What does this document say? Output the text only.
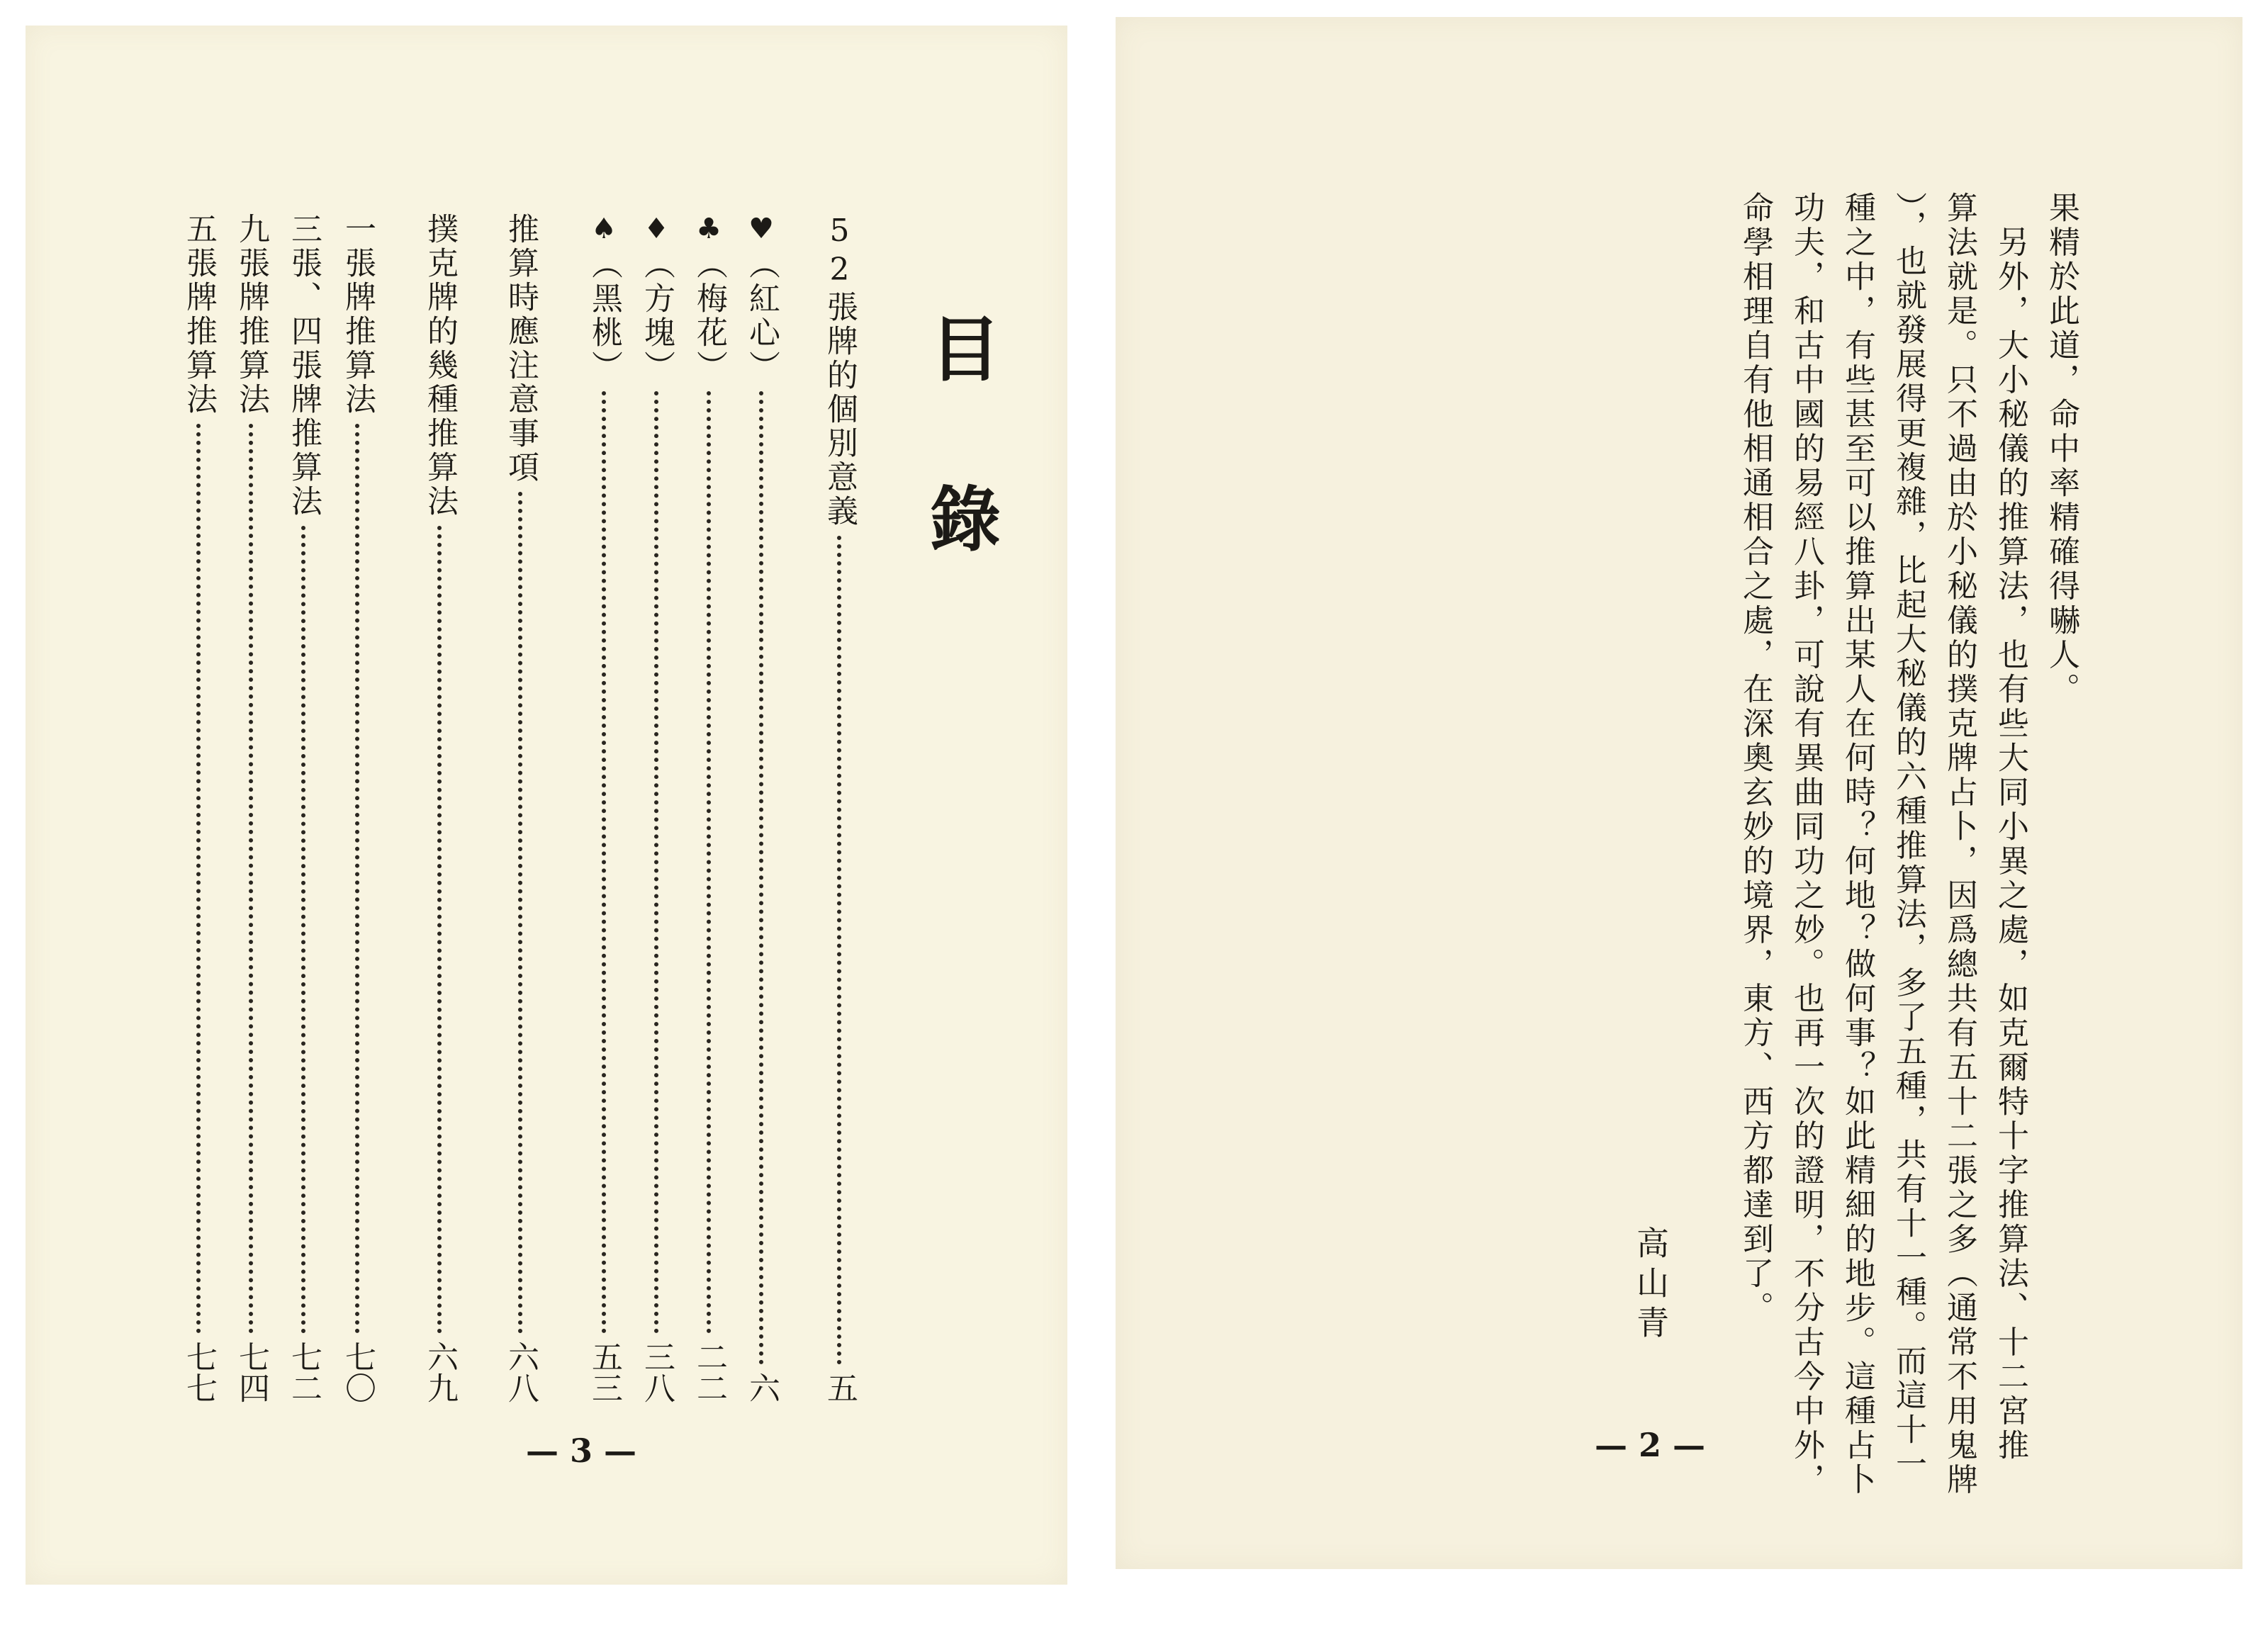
目錄
52張牌的個別意義
五
♥（紅心）
六
♣（梅花）
二二
♦（方塊）
三八
♠（黑桃）
五三
推算時應注意事項
六八
撲克牌的幾種推算法
六九
一張牌推算法
七〇
三張、四張牌推算法
七二
九張牌推算法
七四
五張牌推算法
七七
— 3 —
果精於此道，命中率精確得嚇人。
　另外，大小秘儀的推算法，也有些大同小異之處，如克爾特十字推算法、十二宮推
算法就是。只不過由於小秘儀的撲克牌占卜，因爲總共有五十二張之多（通常不用鬼牌
），也就發展得更複雜，比起大秘儀的六種推算法，多了五種，共有十一種。而這十一
種之中，有些甚至可以推算出某人在何時？何地？做何事？如此精細的地步。這種占卜
功夫，和古中國的易經八卦，可說有異曲同功之妙。也再一次的證明，不分古今中外，
命學相理自有他相通相合之處，在深奧玄妙的境界，東方、西方都達到了。
高山青
— 2 —
